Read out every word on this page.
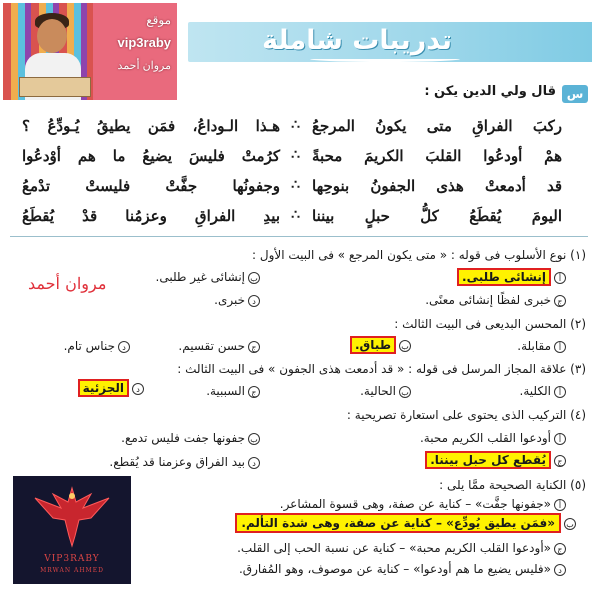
موقع
vip3raby
مروان أحمد
تدريبات شاملة
س
قال ولي الدين يكن :
ركبَ الفراقِ متى يكونُ المرجعُ
∴
هـذا الـوداعُ، فمَن يطيقُ يُـودِّعُ ؟
همْ أودعُوا القلبَ الكريمَ محبةً
∴
كرُمتْ فليسَ يضيعُ ما هم أوْدعُوا
قد أدمعتْ هذى الجفونُ بنوحِها
∴
وجفونُها جفَّتْ فليستْ تدْمعُ
اليومَ يُقطَعُ كلُّ حبلٍ بيننا
∴
بيدِ الفراقِ وعزمُنا قدْ يُقطَعُ
مروان أحمد
(١) نوع الأسلوب فى قوله : « متى يكون المرجع » فى البيت الأول :
أإنشائى طلبى.
بإنشائى غير طلبى.
جخبرى لفظًا إنشائى معنًى.
دخبرى.
(٢) المحسن البديعى فى البيت الثالث :
أمقابلة.
بطباق.
جحسن تقسيم.
دجناس تام.
(٣) علاقة المجاز المرسل فى قوله : « قد أدمعت هذى الجفون » فى البيت الثالث :
أالكلية.
بالحالية.
جالسببية.
دالجزئية
(٤) التركيب الذى يحتوى على استعارة تصريحية :
أأودعوا القلب الكريم محبة.
بجفونها جفت فليس تدمع.
جيُقطع كل حبل بيننا.
دبيد الفراق وعزمنا قد يُقطع.
(٥) الكناية الصحيحة ممَّا يلى :
أ«جفونها جفَّت» – كناية عن صفة، وهى قسوة المشاعر.
ب«فمَن يطيق يُودِّع» – كناية عن صفة، وهى شدة التألم.
ج«أودعوا القلب الكريم محبة» – كناية عن نسبة الحب إلى القلب.
د«فليس يضيع ما هم أودعوا» – كناية عن موصوف، وهو المُفارق.
VIP3RABY
MRWAN AHMED
